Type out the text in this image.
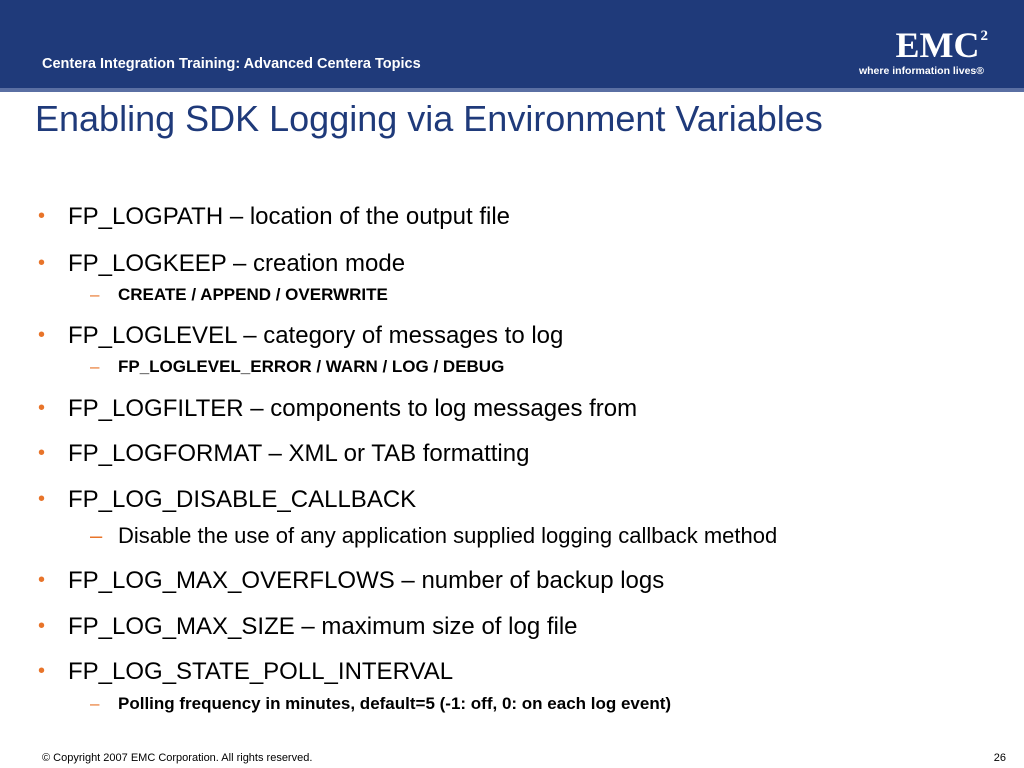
Centera Integration Training: Advanced Centera Topics	EMC$^2$
where information lives®
Enabling SDK Logging via Environment Variables
• FP_LOGPATH – location of the output file
• FP_LOGKEEP – creation mode
– CREATE / APPEND / OVERWRITE
• FP_LOGLEVEL – category of messages to log
– FP_LOGLEVEL_ERROR / WARN / LOG / DEBUG
• FP_LOGFILTER – components to log messages from
• FP_LOGFORMAT – XML or TAB formatting
• FP_LOG_DISABLE_CALLBACK
– Disable the use of any application supplied logging callback method
• FP_LOG_MAX_OVERFLOWS – number of backup logs
• FP_LOG_MAX_SIZE – maximum size of log file
• FP_LOG_STATE_POLL_INTERVAL
– Polling frequency in minutes, default=5 (-1: off, 0: on each log event)
© Copyright 2007 EMC Corporation. All rights reserved.	26
